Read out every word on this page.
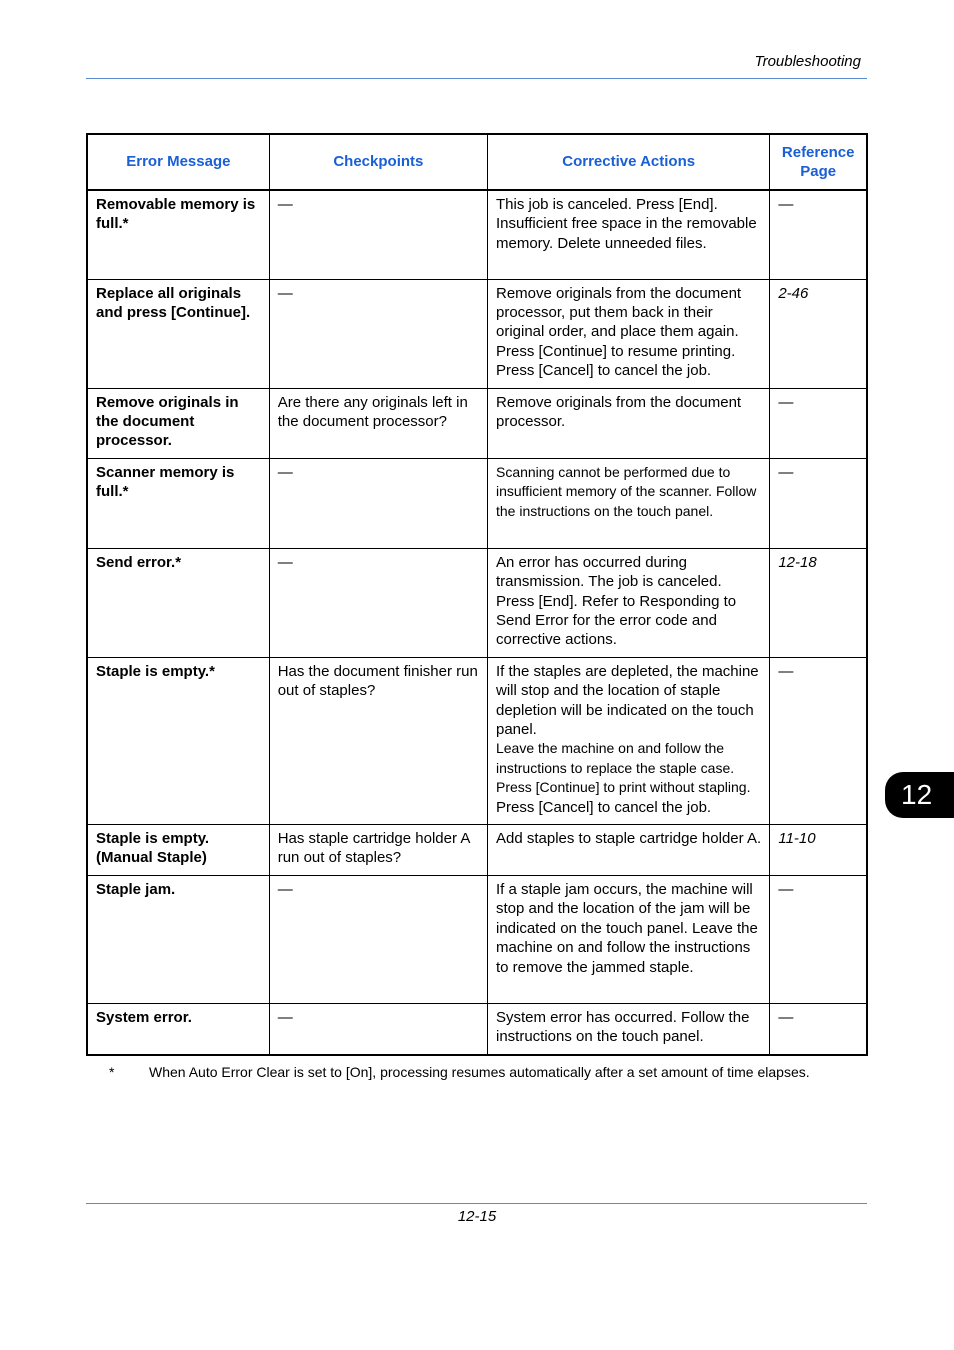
Troubleshooting
Error Message	Checkpoints	Corrective Actions	Reference Page
Removable memory is full.*	—	This job is canceled. Press [End]. Insufficient free space in the removable memory. Delete unneeded files.	—
Replace all originals and press [Continue].	—	Remove originals from the document processor, put them back in their original order, and place them again. Press [Continue] to resume printing. Press [Cancel] to cancel the job.	2-46
Remove originals in the document processor.	Are there any originals left in the document processor?	Remove originals from the document processor.	—
Scanner memory is full.*	—	Scanning cannot be performed due to insufficient memory of the scanner. Follow the instructions on the touch panel.	—
Send error.*	—	An error has occurred during transmission. The job is canceled. Press [End]. Refer to Responding to Send Error for the error code and corrective actions.	12-18
Staple is empty.*	Has the document finisher run out of staples?	If the staples are depleted, the machine will stop and the location of staple depletion will be indicated on the touch panel.
Leave the machine on and follow the instructions to replace the staple case.
Press [Continue] to print without stapling.
Press [Cancel] to cancel the job.	—
Staple is empty. (Manual Staple)	Has staple cartridge holder A run out of staples?	Add staples to staple cartridge holder A.	11-10
Staple jam.	—	If a staple jam occurs, the machine will stop and the location of the jam will be indicated on the touch panel. Leave the machine on and follow the instructions to remove the jammed staple.	—
System error.	—	System error has occurred. Follow the instructions on the touch panel.	—
* When Auto Error Clear is set to [On], processing resumes automatically after a set amount of time elapses.
12-15
12
